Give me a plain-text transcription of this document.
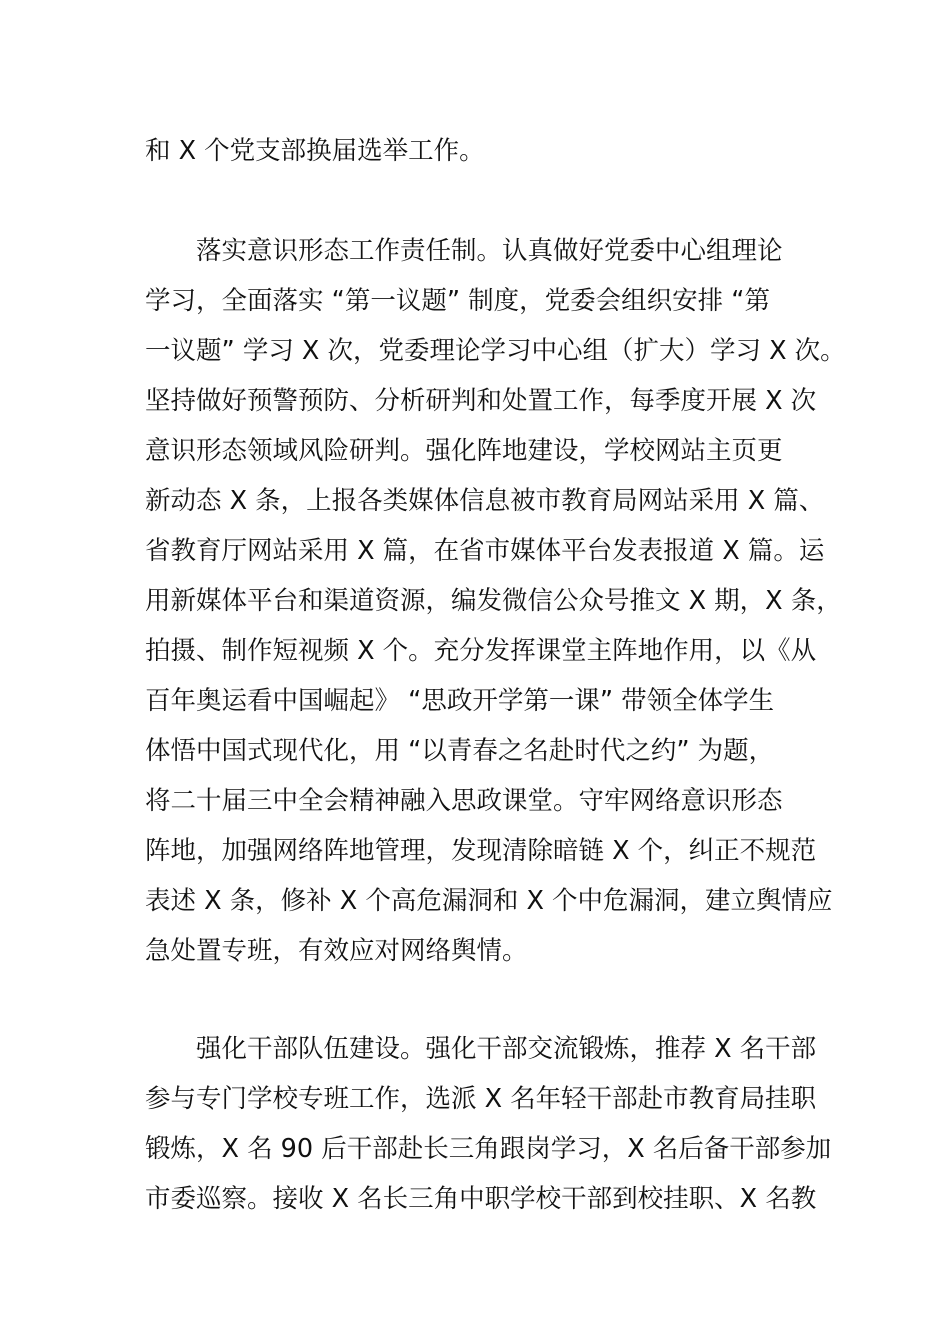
和 X 个党支部换届选举工作。
落实意识形态工作责任制。认真做好党委中心组理论
学习，全面落实 “第一议题” 制度，党委会组织安排 “第
一议题” 学习 X 次，党委理论学习中心组（扩大）学习 X 次。
坚持做好预警预防、分析研判和处置工作，每季度开展 X 次
意识形态领域风险研判。强化阵地建设，学校网站主页更
新动态 X 条，上报各类媒体信息被市教育局网站采用 X 篇、
省教育厅网站采用 X 篇，在省市媒体平台发表报道 X 篇。运
用新媒体平台和渠道资源，编发微信公众号推文 X 期，X 条，
拍摄、制作短视频 X 个。充分发挥课堂主阵地作用，以《从
百年奥运看中国崛起》 “思政开学第一课” 带领全体学生
体悟中国式现代化，用 “以青春之名赴时代之约” 为题，
将二十届三中全会精神融入思政课堂。守牢网络意识形态
阵地，加强网络阵地管理，发现清除暗链 X 个，纠正不规范
表述 X 条，修补 X 个高危漏洞和 X 个中危漏洞，建立舆情应
急处置专班，有效应对网络舆情。
强化干部队伍建设。强化干部交流锻炼，推荐 X 名干部
参与专门学校专班工作，选派 X 名年轻干部赴市教育局挂职
锻炼，X 名 90 后干部赴长三角跟岗学习，X 名后备干部参加
市委巡察。接收 X 名长三角中职学校干部到校挂职、X 名教
